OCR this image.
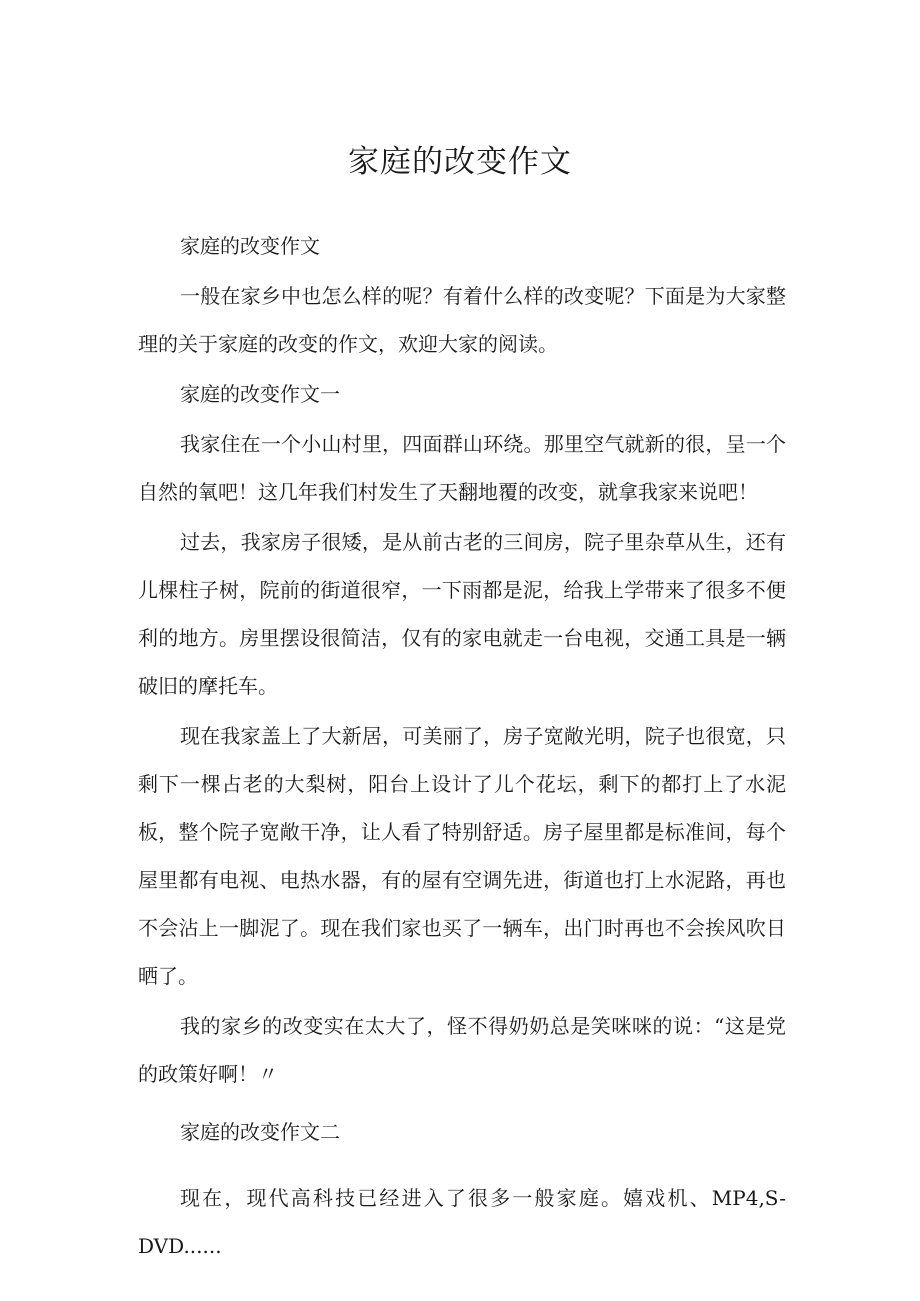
家庭的改变作文

家庭的改变作文

一般在家乡中也怎么样的呢？有着什么样的改变呢？下面是为大家整理的关于家庭的改变的作文，欢迎大家的阅读。

家庭的改变作文一

我家住在一个小山村里，四面群山环绕。那里空气就新的很，呈一个自然的氧吧！这几年我们村发生了天翻地覆的改变，就拿我家来说吧！

过去，我家房子很矮，是从前古老的三间房，院子里杂草从生，还有儿棵柱子树，院前的街道很窄，一下雨都是泥，给我上学带来了很多不便利的地方。房里摆设很简洁，仅有的家电就走一台电视，交通工具是一辆破旧的摩托车。

现在我家盖上了大新居，可美丽了，房子宽敞光明，院子也很宽，只剩下一棵占老的大梨树，阳台上设计了儿个花坛，剩下的都打上了水泥板，整个院子宽敞干净，让人看了特别舒适。房子屋里都是标准间，每个屋里都有电视、电热水器，有的屋有空调先进，街道也打上水泥路，再也不会沾上一脚泥了。现在我们家也买了一辆车，出门时再也不会挨风吹日晒了。

我的家乡的改变实在太大了，怪不得奶奶总是笑咪咪的说：“这是党的政策好啊！〃

家庭的改变作文二

现在，现代高科技已经进入了很多一般家庭。嬉戏机、MP4,S-DVD......
